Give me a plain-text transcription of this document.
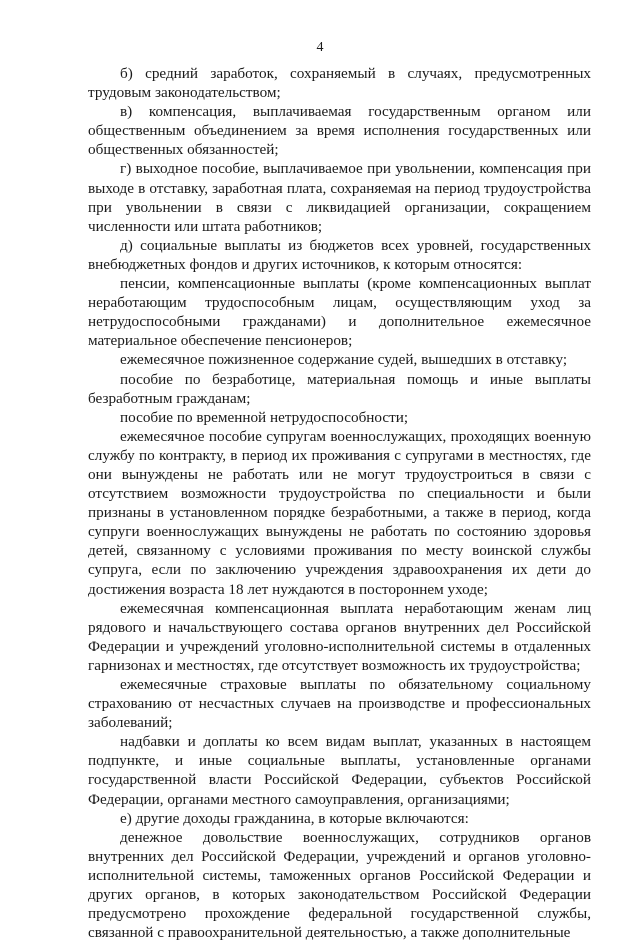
4

б) средний заработок, сохраняемый в случаях, предусмотренных трудовым законодательством;

в) компенсация, выплачиваемая государственным органом или общественным объединением за время исполнения государственных или общественных обязанностей;

г) выходное пособие, выплачиваемое при увольнении, компенсация при выходе в отставку, заработная плата, сохраняемая на период трудоустройства при увольнении в связи с ликвидацией организации, сокращением численности или штата работников;

д) социальные выплаты из бюджетов всех уровней, государственных внебюджетных фондов и других источников, к которым относятся:

пенсии, компенсационные выплаты (кроме компенсационных выплат неработающим трудоспособным лицам, осуществляющим уход за нетрудоспособными гражданами) и дополнительное ежемесячное материальное обеспечение пенсионеров;

ежемесячное пожизненное содержание судей, вышедших в отставку;

пособие по безработице, материальная помощь и иные выплаты безработным гражданам;

пособие по временной нетрудоспособности;

ежемесячное пособие супругам военнослужащих, проходящих военную службу по контракту, в период их проживания с супругами в местностях, где они вынуждены не работать или не могут трудоустроиться в связи с отсутствием возможности трудоустройства по специальности и были признаны в установленном порядке безработными, а также в период, когда супруги военнослужащих вынуждены не работать по состоянию здоровья детей, связанному с условиями проживания по месту воинской службы супруга, если по заключению учреждения здравоохранения их дети до достижения возраста 18 лет нуждаются в постороннем уходе;

ежемесячная компенсационная выплата неработающим женам лиц рядового и начальствующего состава органов внутренних дел Российской Федерации и учреждений уголовно-исполнительной системы в отдаленных гарнизонах и местностях, где отсутствует возможность их трудоустройства;

ежемесячные страховые выплаты по обязательному социальному страхованию от несчастных случаев на производстве и профессиональных заболеваний;

надбавки и доплаты ко всем видам выплат, указанных в настоящем подпункте, и иные социальные выплаты, установленные органами государственной власти Российской Федерации, субъектов Российской Федерации, органами местного самоуправления, организациями;

е) другие доходы гражданина, в которые включаются:

денежное довольствие военнослужащих, сотрудников органов внутренних дел Российской Федерации, учреждений и органов уголовно-исполнительной системы, таможенных органов Российской Федерации и других органов, в которых законодательством Российской Федерации предусмотрено прохождение федеральной государственной службы, связанной с правоохранительной деятельностью, а также дополнительные
